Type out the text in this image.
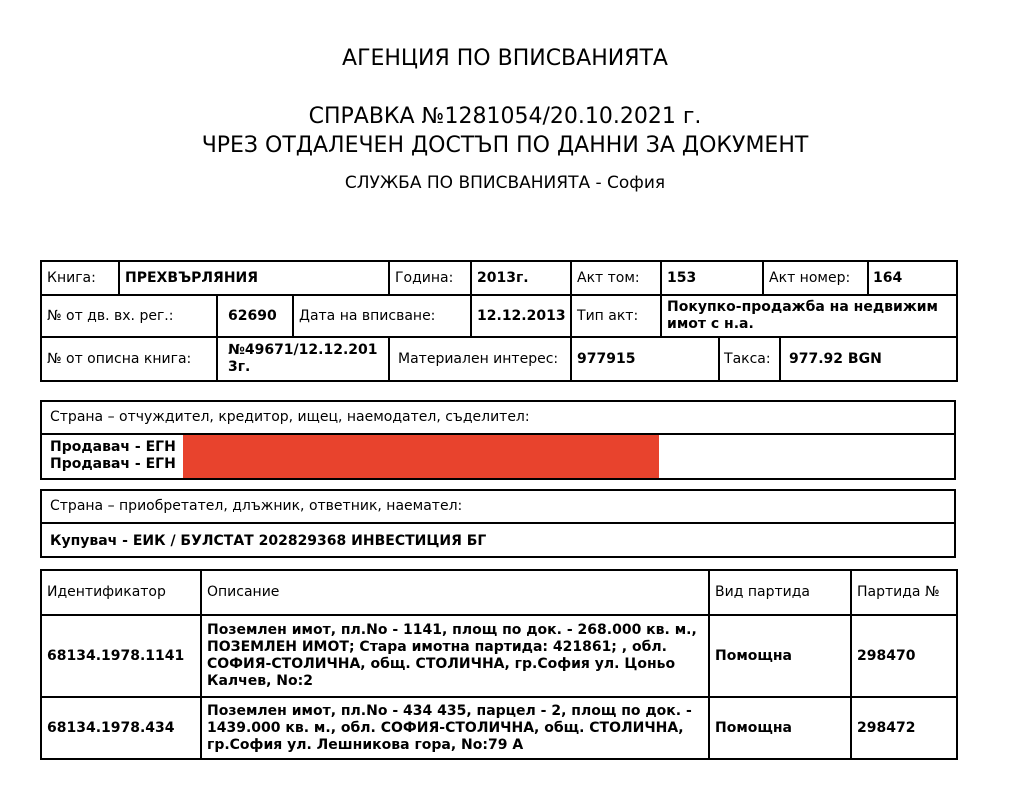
АГЕНЦИЯ ПО ВПИСВАНИЯТА
СПРАВКА №1281054/20.10.2021 г.
ЧРЕЗ ОТДАЛЕЧЕН ДОСТЪП ПО ДАННИ ЗА ДОКУМЕНТ
СЛУЖБА ПО ВПИСВАНИЯТА - София
Книга:	ПРЕХВЪРЛЯНИЯ			Година:	2013г.	Акт том:	153		Акт номер: 164

№ от дв. вх. рег.:		62690	Дата на вписване:		12.12.2013	Тип акт:	Покупко-продажба на недвижим имот с н.а.		
№ от описна книга:		№49671/12.12.2013г.		Материален интерес:		977915		Такса: 977.92 BGN	
Страна – отчуждител, кредитор, ищец, наемодател, съделител:
Продавач - ЕГН
Продавач - ЕГН
Страна – приобретател, длъжник, ответник, наемател:
Купувач - ЕИК / БУЛСТАТ 202829368 ИНВЕСТИЦИЯ БГ
Идентификатор	Описание	Вид партида	Партида №
68134.1978.1141	Поземлен имот, пл.No - 1141, площ по док. - 268.000 кв. м., ПОЗЕМЛЕН ИМОТ; Стара имотна партида: 421861; , обл. СОФИЯ-СТОЛИЧНА, общ. СТОЛИЧНА, гр.София ул. Цоньо Калчев, No:2	Помощна	298470
68134.1978.434	Поземлен имот, пл.No - 434 435, парцел - 2, площ по док. - 1439.000 кв. м., обл. СОФИЯ-СТОЛИЧНА, общ. СТОЛИЧНА, гр.София ул. Лешникова гора, No:79 А	Помощна	298472
